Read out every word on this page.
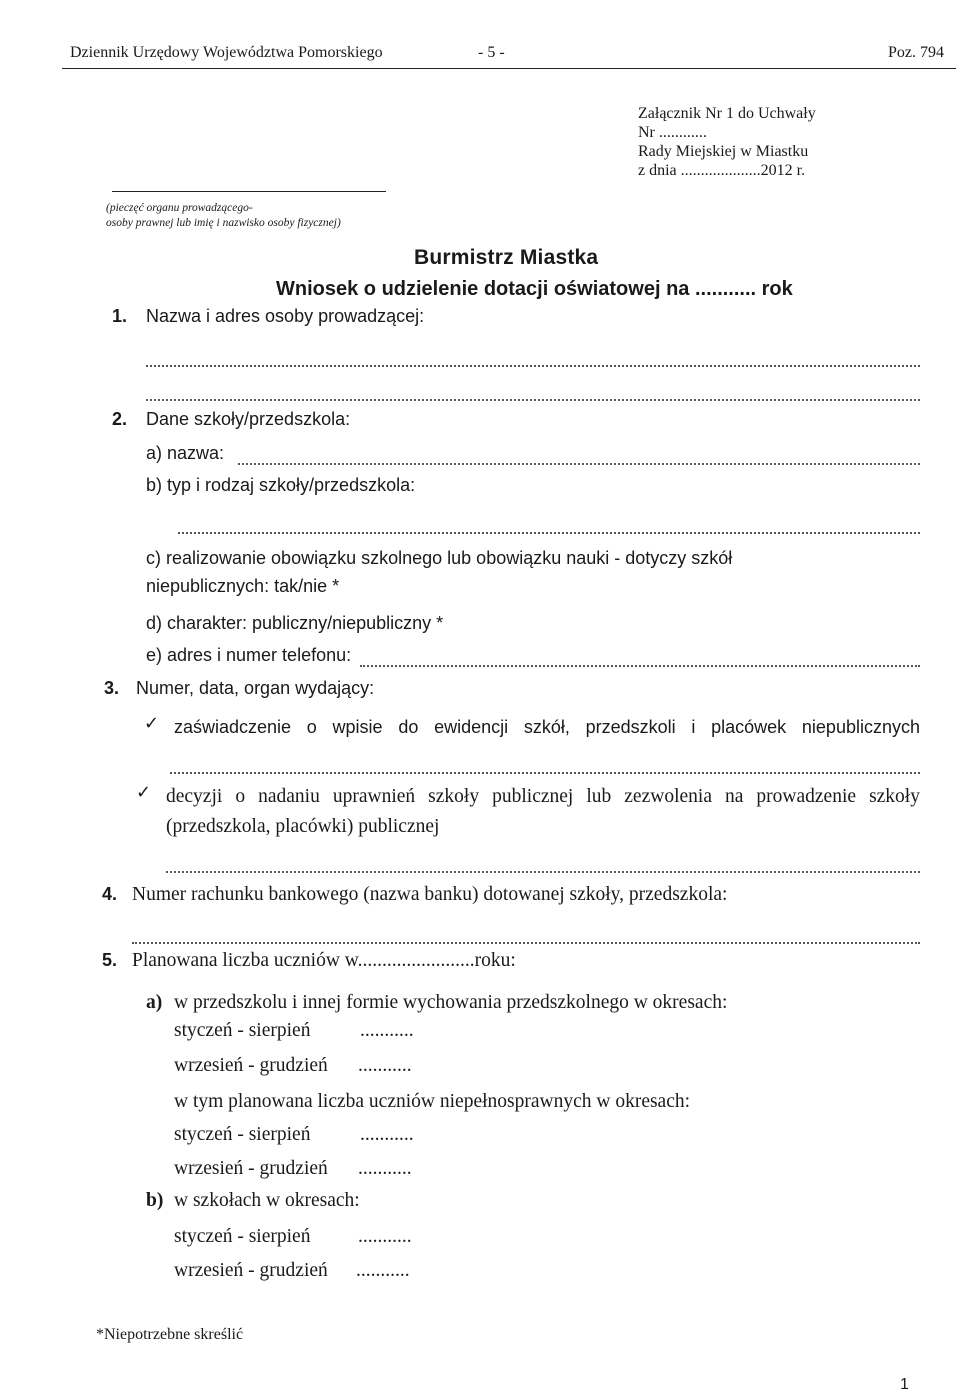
Dziennik Urzędowy Województwa Pomorskiego	- 5 -	Poz. 794
Załącznik Nr 1 do Uchwały
Nr ............
Rady Miejskiej w Miastku
z dnia ....................2012 r.
(pieczęć organu prowadzącego-
osoby prawnej lub imię i nazwisko osoby fizycznej)
Burmistrz Miastka
Wniosek o udzielenie dotacji oświatowej na ........... rok
1. Nazwa i adres osoby prowadzącej:
2. Dane szkoły/przedszkola:
a) nazwa:
b) typ i rodzaj szkoły/przedszkola:
c) realizowanie obowiązku szkolnego lub obowiązku nauki - dotyczy szkół
niepublicznych: tak/nie *
d) charakter: publiczny/niepubliczny *
e) adres i numer telefonu:
3. Numer, data, organ wydający:
✓ zaświadczenie o wpisie do ewidencji szkół, przedszkoli i placówek niepublicznych
✓ decyzji o nadaniu uprawnień szkoły publicznej lub zezwolenia na prowadzenie szkoły
(przedszkola, placówki) publicznej
4. Numer rachunku bankowego (nazwa banku) dotowanej szkoły, przedszkola:
5. Planowana liczba uczniów w........................roku:
a) w przedszkolu i innej formie wychowania przedszkolnego w okresach:
styczeń - sierpień	...........
wrzesień - grudzień ...........
w tym planowana liczba uczniów niepełnosprawnych w okresach:
styczeń - sierpień	...........
wrzesień - grudzień ...........
b) w szkołach w okresach:
styczeń - sierpień ...........
wrzesień - grudzień ...........
*Niepotrzebne skreślić
1
